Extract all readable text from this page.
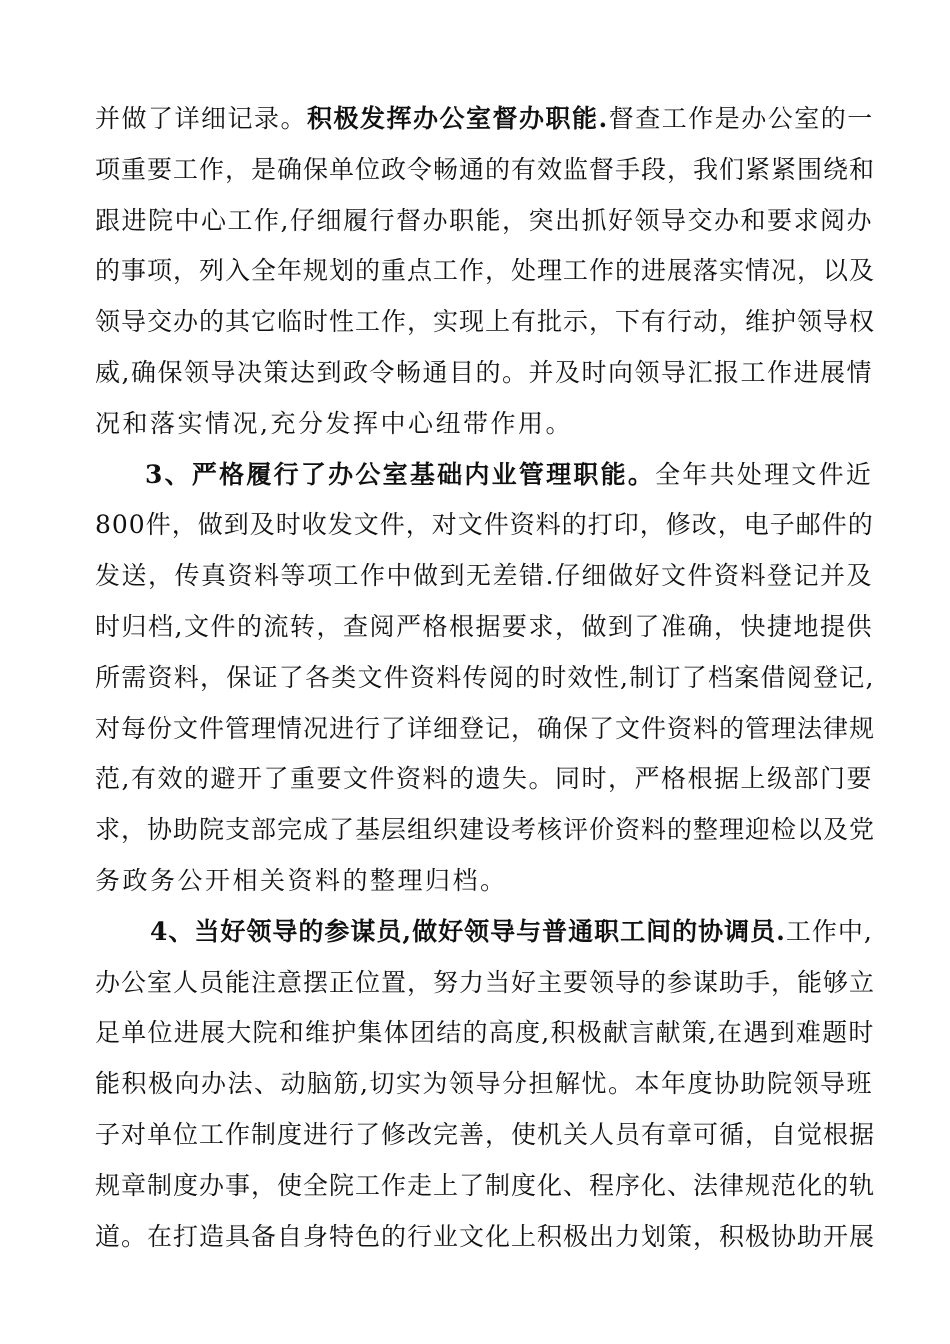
并做了详细记录。积极发挥办公室督办职能.督查工作是办公室的一
项重要工作，是确保单位政令畅通的有效监督手段，我们紧紧围绕和
跟进院中心工作,仔细履行督办职能，突出抓好领导交办和要求阅办
的事项，列入全年规划的重点工作，处理工作的进展落实情况，以及
领导交办的其它临时性工作，实现上有批示，下有行动，维护领导权
威,确保领导决策达到政令畅通目的。并及时向领导汇报工作进展情
况和落实情况,充分发挥中心纽带作用。

3、严格履行了办公室基础内业管理职能。全年共处理文件近
800件，做到及时收发文件，对文件资料的打印，修改，电子邮件的
发送，传真资料等项工作中做到无差错.仔细做好文件资料登记并及
时归档,文件的流转，查阅严格根据要求，做到了准确，快捷地提供
所需资料，保证了各类文件资料传阅的时效性,制订了档案借阅登记,
对每份文件管理情况进行了详细登记，确保了文件资料的管理法律规
范,有效的避开了重要文件资料的遗失。同时，严格根据上级部门要
求，协助院支部完成了基层组织建设考核评价资料的整理迎检以及党
务政务公开相关资料的整理归档。

4、当好领导的参谋员,做好领导与普通职工间的协调员.工作中,
办公室人员能注意摆正位置，努力当好主要领导的参谋助手，能够立
足单位进展大院和维护集体团结的高度,积极献言献策,在遇到难题时
能积极向办法、动脑筋,切实为领导分担解忧。本年度协助院领导班
子对单位工作制度进行了修改完善，使机关人员有章可循，自觉根据
规章制度办事，使全院工作走上了制度化、程序化、法律规范化的轨
道。在打造具备自身特色的行业文化上积极出力划策，积极协助开展
